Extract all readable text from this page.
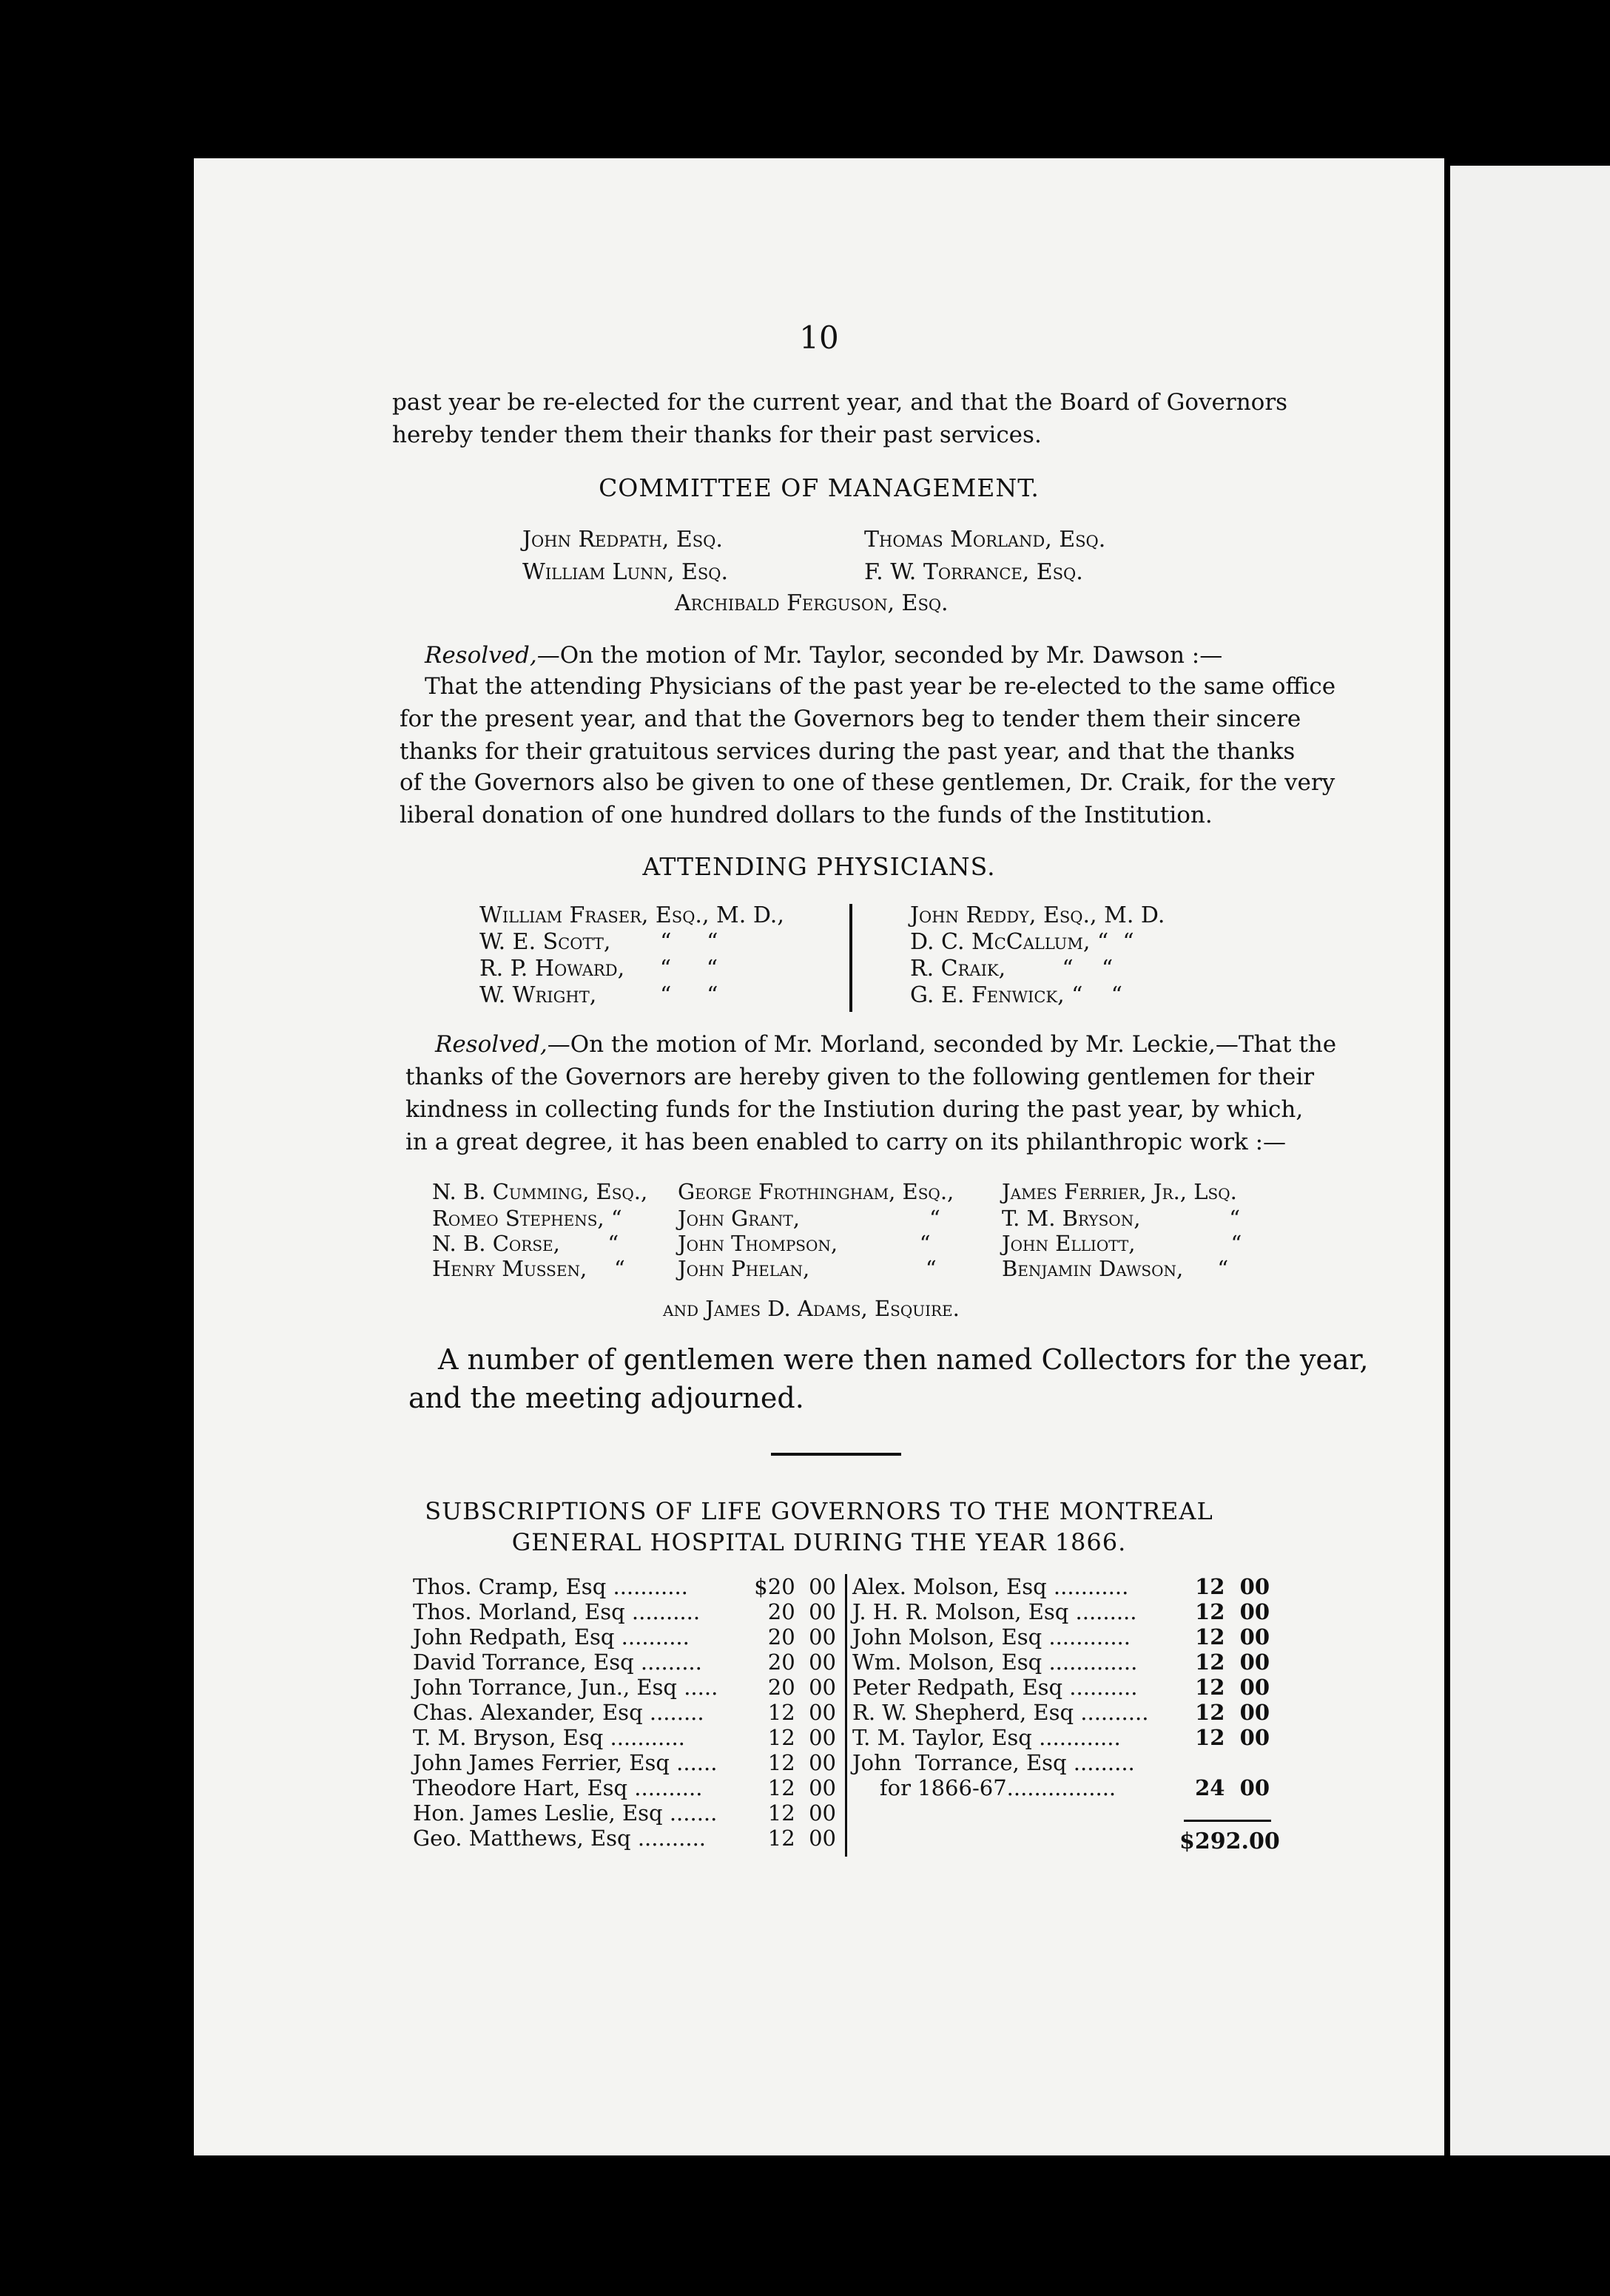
10
past year be re-elected for the current year, and that the Board of Governors
hereby tender them their thanks for their past services.
COMMITTEE OF MANAGEMENT.
John Redpath, Esq.	Thomas Morland, Esq.
William Lunn, Esq.	F. W. Torrance, Esq.
Archibald Ferguson, Esq.
Resolved,—On the motion of Mr. Taylor, seconded by Mr. Dawson :—
That the attending Physicians of the past year be re-elected to the same office
for the present year, and that the Governors beg to tender them their sincere
thanks for their gratuitous services during the past year, and that the thanks
of the Governors also be given to one of these gentlemen, Dr. Craik, for the very
liberal donation of one hundred dollars to the funds of the Institution.
ATTENDING PHYSICIANS.
William Fraser, Esq., M. D.,
W. E. Scott,       “     “
R. P. Howard,     “     “
W. Wright,         “     “
John Reddy, Esq., M. D.
D. C. McCallum, “  “
R. Craik,        “    “
G. E. Fenwick, “    “
Resolved,—On the motion of Mr. Morland, seconded by Mr. Leckie,—That the
thanks of the Governors are hereby given to the following gentlemen for their
kindness in collecting funds for the Instiution during the past year, by which,
in a great degree, it has been enabled to carry on its philanthropic work :—
N. B. Cumming, Esq.,
Romeo Stephens, “
N. B. Corse,       “
Henry Mussen,    “
George Frothingham, Esq.,
John Grant,                   “
John Thompson,            “
John Phelan,                 “
James Ferrier, Jr., Lsq.
T. M. Bryson,             “
John Elliott,              “
Benjamin Dawson,     “
and James D. Adams, Esquire.
A number of gentlemen were then named Collectors for the year,
and the meeting adjourned.
SUBSCRIPTIONS OF LIFE GOVERNORS TO THE MONTREAL
GENERAL HOSPITAL DURING THE YEAR 1866.
Thos. Cramp, Esq ...........	$20  00
Thos. Morland, Esq ..........	20  00
John Redpath, Esq ..........	20  00
David Torrance, Esq .........	20  00
John Torrance, Jun., Esq .....	20  00
Chas. Alexander, Esq ........	12  00
T. M. Bryson, Esq ...........	12  00
John James Ferrier, Esq ......	12  00
Theodore Hart, Esq ..........	12  00
Hon. James Leslie, Esq .......	12  00
Geo. Matthews, Esq ..........	12  00
Alex. Molson, Esq ...........	12  00
J. H. R. Molson, Esq .........	12  00
John Molson, Esq ............	12  00
Wm. Molson, Esq .............	12  00
Peter Redpath, Esq ..........	12  00
R. W. Shepherd, Esq ..........	12  00
T. M. Taylor, Esq ............	12  00
John  Torrance, Esq .........
for 1866-67................	24  00
$292.00
